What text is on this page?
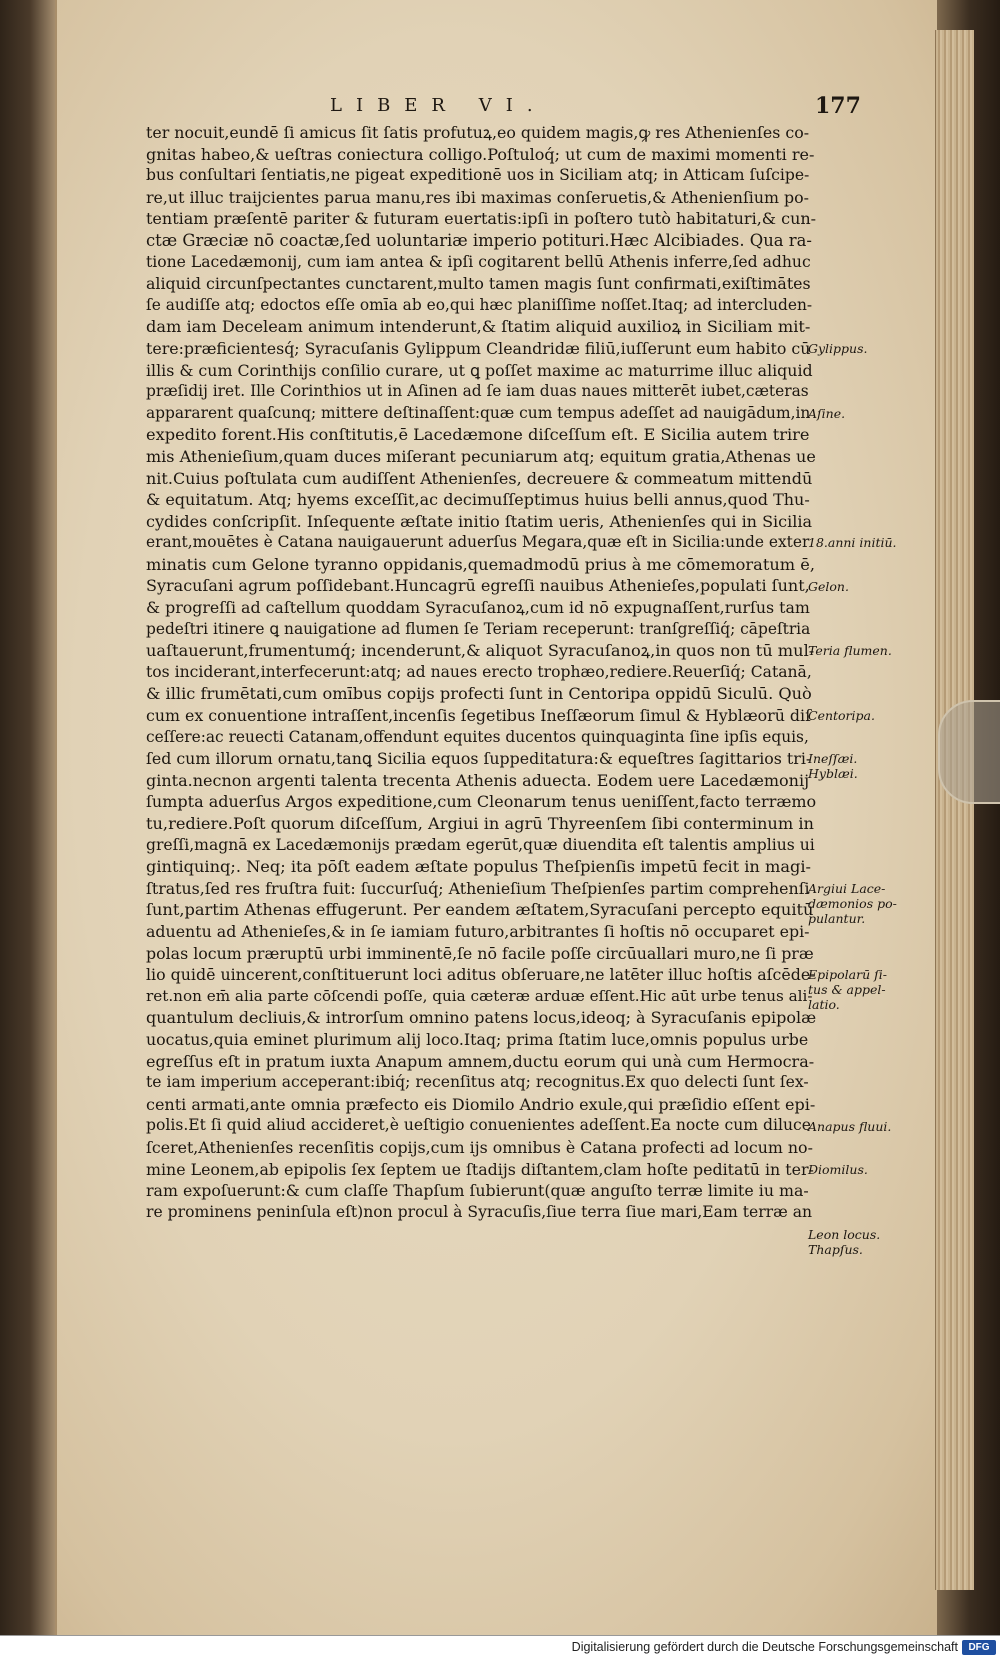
LIBER VI.	177
ter nocuit,eundē ſi amicus ſit ſatis profutuꝝ,eo quidem magis,ꝙ res Athenienſes co-
gnitas habeo,& ueſtras coniectura colligo.Poſtuloq́; ut cum de maximi momenti re-
bus conſultari ſentiatis,ne pigeat expeditionē uos in Siciliam atq; in Atticam ſuſcipe-
re,ut illuc traijcientes parua manu,res ibi maximas conſeruetis,& Athenienſium po-
tentiam præſentē pariter & futuram euertatis:ipſi in poſtero tutò habitaturi,& cun-
ctæ Græciæ nō coactæ,ſed uoluntariæ imperio potituri.Hæc Alcibiades. Qua ra-
tione Lacedæmonij, cum iam antea & ipſi cogitarent bellū Athenis inferre,ſed adhuc
aliquid circunſpectantes cunctarent,multo tamen magis ſunt confirmati,exiſtimātes
ſe audiſſe atq; edoctos eſſe omīa ab eo,qui hæc planiſſime noſſet.Itaq; ad intercluden-
dam iam Deceleam animum intenderunt,& ſtatim aliquid auxilioꝝ in Siciliam mit-
tere:præficientesq́; Syracuſanis Gylippum Cleandridæ filiū,iuſſerunt eum habito cū
illis & cum Corinthijs conſilio curare, ut ꝗ poſſet maxime ac maturrime illuc aliquid
præſidij iret. Ille Corinthios ut in Aſinen ad ſe iam duas naues mitterēt iubet,cæteras
appararent quaſcunq; mittere deſtinaſſent:quæ cum tempus adeſſet ad nauigādum,in
expedito forent.His conſtitutis,ē Lacedæmone diſceſſum eſt. E Sicilia autem trire
mis Athenieſium,quam duces miſerant pecuniarum atq; equitum gratia,Athenas ue
nit.Cuius poſtulata cum audiſſent Athenienſes, decreuere & commeatum mittendū
& equitatum. Atq; hyems exceſſit,ac decimuſſeptimus huius belli annus,quod Thu-
cydides conſcripſit. Inſequente æſtate initio ſtatim ueris, Athenienſes qui in Sicilia
erant,mouētes è Catana nauigauerunt aduerſus Megara,quæ eſt in Sicilia:unde exter
minatis cum Gelone tyranno oppidanis,quemadmodū prius à me cōmemoratum ē,
Syracuſani agrum poſſidebant.Huncagrū egreſſi nauibus Athenieſes,populati ſunt,
& progreſſi ad caſtellum quoddam Syracuſanoꝝ,cum id nō expugnaſſent,rurſus tam
pedeſtri itinere ꝗ nauigatione ad flumen ſe Teriam receperunt: tranſgreſſiq́; cāpeſtria
uaſtauerunt,frumentumq́; incenderunt,& aliquot Syracuſanoꝝ,in quos non tū mul-
tos inciderant,interfecerunt:atq; ad naues erecto trophæo,rediere.Reuerſiq́; Catanā,
& illic frumētati,cum omībus copijs profecti ſunt in Centoripa oppidū Siculū. Quò
cum ex conuentione intraſſent,incenſis ſegetibus Ineſſæorum ſimul & Hyblæorū diſ
ceſſere:ac reuecti Catanam,offendunt equites ducentos quinquaginta ſine ipſis equis,
ſed cum illorum ornatu,tanꝗ Sicilia equos ſuppeditatura:& equeſtres ſagittarios tri-
ginta.necnon argenti talenta trecenta Athenis aduecta. Eodem uere Lacedæmonij
ſumpta aduerſus Argos expeditione,cum Cleonarum tenus ueniſſent,facto terræmo
tu,rediere.Poſt quorum diſceſſum, Argiui in agrū Thyreenſem ſibi conterminum in
greſſi,magnā ex Lacedæmonijs prædam egerūt,quæ diuendita eſt talentis amplius ui
gintiquinq;. Neq; ita pōſt eadem æſtate populus Theſpienſis impetū fecit in magi-
ſtratus,ſed res fruſtra fuit: ſuccurſuq́; Athenieſium Theſpienſes partim comprehenſi
ſunt,partim Athenas effugerunt. Per eandem æſtatem,Syracuſani percepto equitū
aduentu ad Athenieſes,& in ſe iamiam futuro,arbitrantes ſi hoſtis nō occuparet epi-
polas locum præruptū urbi imminentē,ſe nō facile poſſe circūuallari muro,ne ſi præ
lio quidē uincerent,conſtituerunt loci aditus obſeruare,ne latēter illuc hoſtis aſcēde-
ret.non em̄ alia parte cōſcendi poſſe, quia cæteræ arduæ eſſent.Hic aūt urbe tenus ali-
quantulum decliuis,& introrſum omnino patens locus,ideoq; à Syracuſanis epipolæ
uocatus,quia eminet plurimum alij loco.Itaq; prima ſtatim luce,omnis populus urbe
egreſſus eſt in pratum iuxta Anapum amnem,ductu eorum qui unà cum Hermocra-
te iam imperium acceperant:ibiq́; recenſitus atq; recognitus.Ex quo delecti ſunt ſex-
centi armati,ante omnia præfecto eis Diomilo Andrio exule,qui præſidio eſſent epi-
polis.Et ſi quid aliud accideret,è ueſtigio conuenientes adeſſent.Ea nocte cum diluce
ſceret,Athenienſes recenſitis copijs,cum ijs omnibus è Catana profecti ad locum no-
mine Leonem,ab epipolis ſex ſeptem ue ſtadijs diſtantem,clam hoſte peditatū in ter-
ram expoſuerunt:& cum claſſe Thapſum ſubierunt(quæ anguſto terræ limite iu ma-
re prominens peninſula eſt)non procul à Syracuſis,ſiue terra ſiue mari,Eam terræ an
Gylippus.
Aſine.
18.anni initiū.
Gelon.
Teria flumen.
Centoripa.
Ineſſæi.
Hyblæi.
Argiui Lace-
dæmonios po-
pulantur.
Epipolarū ſi-
tus & appel-
latio.
Anapus fluui.
Diomilus.
Leon locus.
Thapſus.
Digitalisierung gefördert durch die Deutsche Forschungsgemeinschaft	DFG
